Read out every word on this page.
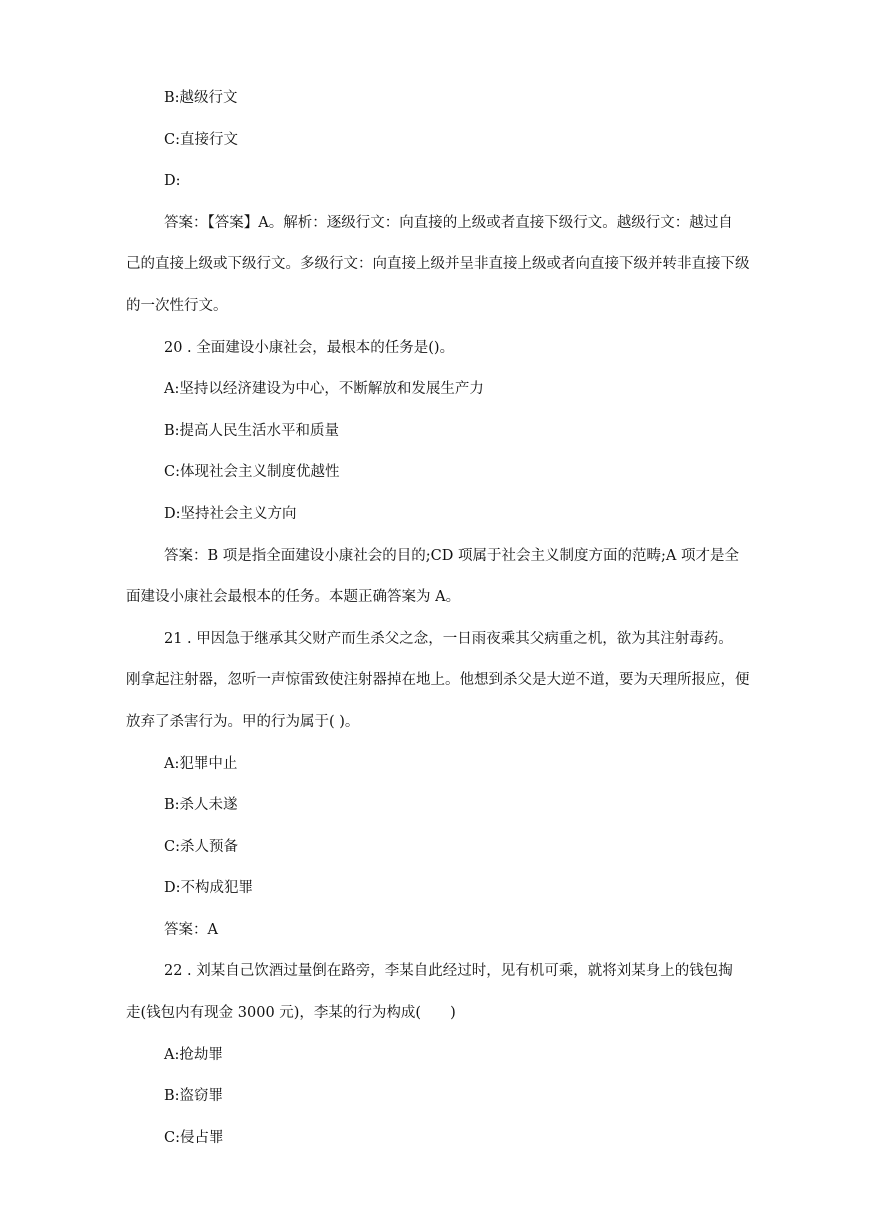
B:越级行文
C:直接行文
D:
答案：【答案】A。解析：逐级行文：向直接的上级或者直接下级行文。越级行文：越过自
己的直接上级或下级行文。多级行文：向直接上级并呈非直接上级或者向直接下级并转非直接下级
的一次性行文。
20 . 全面建设小康社会，最根本的任务是()。
A:坚持以经济建设为中心，不断解放和发展生产力
B:提高人民生活水平和质量
C:体现社会主义制度优越性
D:坚持社会主义方向
答案：B 项是指全面建设小康社会的目的;CD 项属于社会主义制度方面的范畴;A 项才是全
面建设小康社会最根本的任务。本题正确答案为 A。
21 . 甲因急于继承其父财产而生杀父之念，一日雨夜乘其父病重之机，欲为其注射毒药。
刚拿起注射器，忽听一声惊雷致使注射器掉在地上。他想到杀父是大逆不道，要为天理所报应，便
放弃了杀害行为。甲的行为属于( )。
A:犯罪中止
B:杀人未遂
C:杀人预备
D:不构成犯罪
答案：A
22 . 刘某自己饮酒过量倒在路旁，李某自此经过时，见有机可乘，就将刘某身上的钱包掏
走(钱包内有现金 3000 元)，李某的行为构成(　　)
A:抢劫罪
B:盗窃罪
C:侵占罪
